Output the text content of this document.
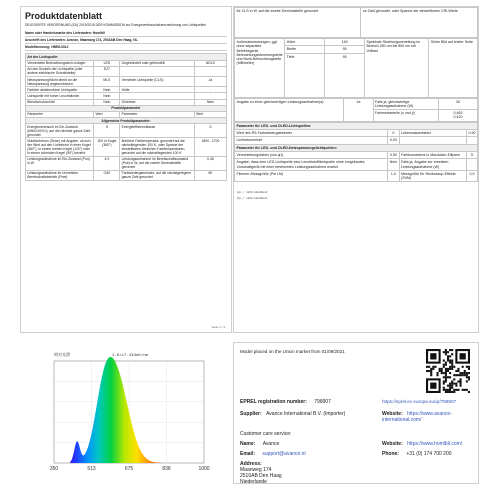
Produktdatenblatt
DELEGIERTE VERORDNUNG (EU) 2019/2015 DER KOMMISSION zur Energieverbrauchskennzeichnung von Lichtquellen
Name oder Handelsmarke des Lieferanten: Homlbli
Anschrift des Lieferanten: Avance, Maanweg 174, 2516AB Den Haag, NL
Modellkennung: HBE8-0312
Art der Lichtquelle:			
Verwendete Beleuchtungstech-nologie:	LED	Ungebündelt oder gebündelt:	NDLS
Art des Sockels der Lichtquelle (oder andere elektrische Schnittstelle):	E27		
Netzspannung/Nicht direkt an die Netzspannung angeschlossen:	MLS	Vernetzte Lichtquelle (CLS):	Ja
Farblich abstimmbare Lichtquelle:	Nein	Hülle:	-
Lichtquelle mit hoher Leuchtdichte:	Nein		
Blendschutzschild:	Nein	Dimmbar:	Nein
Produktparameter			
Parameter	Wert	Parameter	Wert
Allgemeine Produktparameter:			
Energieverbrauch im Ein-Zustand (kWh/1000 h), auf die nächste ganze Zahl gerundet	5	Energieeffizienzklasse	G
Nutzlichtstrom (Φuse) mit Angabe, ob sich der Wert auf den Lichtstrom in einer Kugel (360°), in einem breiten Kegel (120°) oder in einem schmalen Kegel (90°) bezieht	300 in Kugel (360°)	ähnliche Farbtemperatur, gerundet auf die nächstliegenden 100 K, oder Spanne der einstellbaren ähnlichen Farbtemperaturen, gerundet auf die nächstliegenden 100 K	1800...2700
Leistungsaufnahme im Ein-Zustand (Pon) in W	4,9	Leistungsaufnahme im Bereitschaftszustand (Psb) in W, auf die zweite Dezimalstelle gerundet	0,45
Leistungsaufnahme im vernetzten Bereitschaftsbetrieb (Pnet)	0,50	Farbwiedergabeindex, auf die nächstgelegene ganze Zahl gerundet	80
Seite 1 / 4
für CLS in W, auf die zweite Dezimalstelle gerundet	ze Zahl gerundet, oder Spanne der einstellbaren CRI-Werte
Außenabmessungen, ggf. ohne separates Betriebsgerät, Beleuchtungssteuerungsteile und Nicht-Beleuchtungsteile (Millimeter)	Höhe	140	Spektrale Strahlungsverteilung im Bereich 250 nm bis 800 nm bei Volllast	Siehe Bild auf letzter Seite
	Breite	95		
	Tiefe	95		
Angabe zu einer gleichwertigen Leistungsaufnahme(a)	Ja	Falls ja, gleichwertige Leistungsaufnahme (W)	30
		Farbwertanteile (x und y)	0,463
0,420
Parameter für LED- und OLED-Lichtquellen:			
Wert des R9-Farbwiedergabeindex	0	Lebensdauerfaktor	0,90
Lichtstromerhalt	0,93		
Parameter für LED- und OLED-Netzspannungslichtquellen:			
Verschiebungsfaktor (cos φ1)	0,50	Farbkonsistenz in MacAdam-Ellipsen	5
Angabe, dass eine LED-Lichtquelle eine Leuchtstofflichtquelle ohne eingebautes Vorschaltgerät mit einer bestimmten Leistungsaufnahme ersetzt.	Nein	Falls ja, Angabe zur ersetzten Leistungsaufnahme (W)	-
Flimmer-Messgröße (Pst LM)	1,0	Messgröße für Stroboskop-Effekte (SVM)	0,9
(a) „-“: nicht zutreffend;
(b) „-“: nicht zutreffend;
相对光谱	1.0×17.4X4eK/nm
350	513	675	838	1000
Model placed on the Union market from 01/09/2021
EPREL registration number: 798907	https://eprel.ec.europa.eu/qr/798907
Supplier: Avance International B.V. (Importer)	Website: https://www.avance-international.com/
Customer care service:
Name: Avance	Website: https://www.homlbli.com/
Email: support@avance.nl	Phone: +31 (0) 174 700 200
Address:
Maanweg 174
2516AB Den Haag
Niederlande
